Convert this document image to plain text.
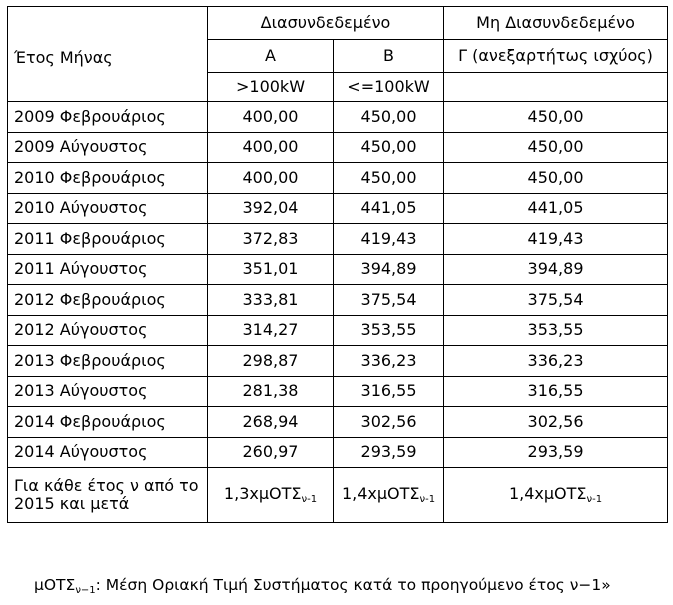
Έτος Μήνας	Διασυνδεδεμένο		Μη Διασυνδεδεμένο
	Α	Β	Γ (ανεξαρτήτως ισχύος)
	>100kW	<=100kW	
2009 Φεβρουάριος	400,00	450,00	450,00
2009 Αύγουστος	400,00	450,00	450,00
2010 Φεβρουάριος	400,00	450,00	450,00
2010 Αύγουστος	392,04	441,05	441,05
2011 Φεβρουάριος	372,83	419,43	419,43
2011 Αύγουστος	351,01	394,89	394,89
2012 Φεβρουάριος	333,81	375,54	375,54
2012 Αύγουστος	314,27	353,55	353,55
2013 Φεβρουάριος	298,87	336,23	336,23
2013 Αύγουστος	281,38	316,55	316,55
2014 Φεβρουάριος	268,94	302,56	302,56
2014 Αύγουστος	260,97	293,59	293,59
Για κάθε έτος ν από το
2015 και μετά	1,3xμΟΤΣ$_{\nu-1}$	1,4xμΟΤΣ$_{\nu-1}$	1,4xμΟΤΣ$_{\nu-1}$
μΟΤΣ$_{\nu-1}$: Μέση Οριακή Τιμή Συστήματος κατά το προηγούμενο έτος ν−1»
